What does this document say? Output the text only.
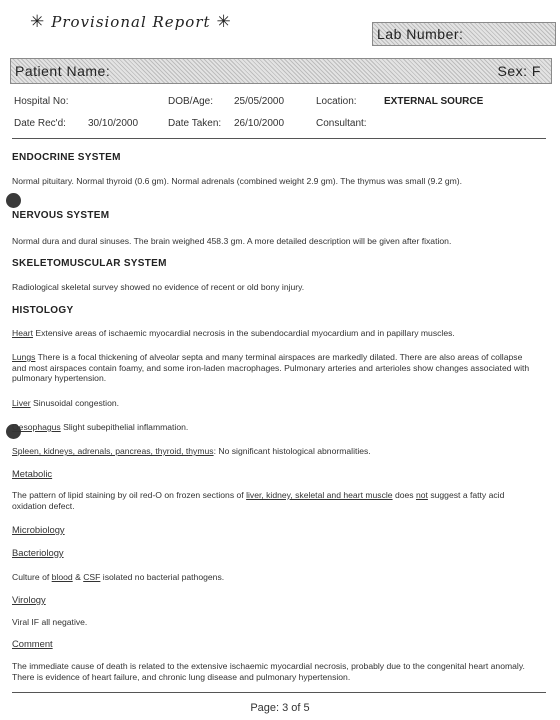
✳ Provisional Report ✳
Lab Number:
Patient Name:	Sex: F
Hospital No:	DOB/Age: 25/05/2000	Location:	EXTERNAL SOURCE
Date Rec'd: 30/10/2000	Date Taken: 26/10/2000	Consultant:
ENDOCRINE SYSTEM
Normal pituitary. Normal thyroid (0.6 gm). Normal adrenals (combined weight 2.9 gm). The thymus was small (9.2 gm).
NERVOUS SYSTEM
Normal dura and dural sinuses. The brain weighed 458.3 gm. A more detailed description will be given after fixation.
SKELETOMUSCULAR SYSTEM
Radiological skeletal survey showed no evidence of recent or old bony injury.
HISTOLOGY
Heart Extensive areas of ischaemic myocardial necrosis in the subendocardial myocardium and in papillary muscles.
Lungs There is a focal thickening of alveolar septa and many terminal airspaces are markedly dilated. There are also areas of collapse and most airspaces contain foamy, and some iron-laden macrophages. Pulmonary arteries and arterioles show changes associated with pulmonary hypertension.
Liver Sinusoidal congestion.
Oesophagus Slight subepithelial inflammation.
Spleen, kidneys, adrenals, pancreas, thyroid, thymus: No significant histological abnormalities.
Metabolic
The pattern of lipid staining by oil red-O on frozen sections of liver, kidney, skeletal and heart muscle does not suggest a fatty acid oxidation defect.
Microbiology
Bacteriology
Culture of blood & CSF isolated no bacterial pathogens.
Virology
Viral IF all negative.
Comment
The immediate cause of death is related to the extensive ischaemic myocardial necrosis, probably due to the congenital heart anomaly. There is evidence of heart failure, and chronic lung disease and pulmonary hypertension.
Page: 3 of 5
